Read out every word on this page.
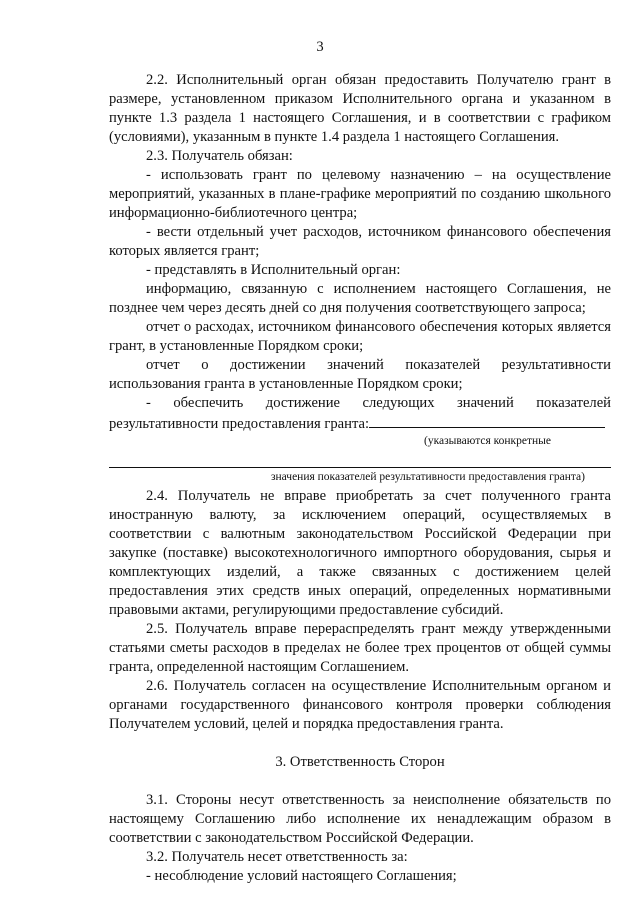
3

2.2. Исполнительный орган обязан предоставить Получателю грант в размере, установленном приказом Исполнительного органа и указанном в пункте 1.3 раздела 1 настоящего Соглашения, и в соответствии с графиком (условиями), указанным в пункте 1.4 раздела 1 настоящего Соглашения.

2.3. Получатель обязан:

- использовать грант по целевому назначению – на осуществление мероприятий, указанных в плане-графике мероприятий по созданию школьного информационно-библиотечного центра;

- вести отдельный учет расходов, источником финансового обеспечения которых является грант;

- представлять в Исполнительный орган:

информацию, связанную с исполнением настоящего Соглашения, не позднее чем через десять дней со дня получения соответствующего запроса;

отчет о расходах, источником финансового обеспечения которых является грант, в установленные Порядком сроки;

отчет о достижении значений показателей результативности использования гранта в установленные Порядком сроки;

- обеспечить достижение следующих значений показателей результативности предоставления гранта:

(указываются конкретные

значения показателей результативности предоставления гранта)

2.4. Получатель не вправе приобретать за счет полученного гранта иностранную валюту, за исключением операций, осуществляемых в соответствии с валютным законодательством Российской Федерации при закупке (поставке) высокотехнологичного импортного оборудования, сырья и комплектующих изделий, а также связанных с достижением целей предоставления этих средств иных операций, определенных нормативными правовыми актами, регулирующими предоставление субсидий.

2.5. Получатель вправе перераспределять грант между утвержденными статьями сметы расходов в пределах не более трех процентов от общей суммы гранта, определенной настоящим Соглашением.

2.6. Получатель согласен на осуществление Исполнительным органом и органами государственного финансового контроля проверки соблюдения Получателем условий, целей и порядка предоставления гранта.

3. Ответственность Сторон

3.1. Стороны несут ответственность за неисполнение обязательств по настоящему Соглашению либо исполнение их ненадлежащим образом в соответствии с законодательством Российской Федерации.

3.2. Получатель несет ответственность за:

- несоблюдение условий настоящего Соглашения;
